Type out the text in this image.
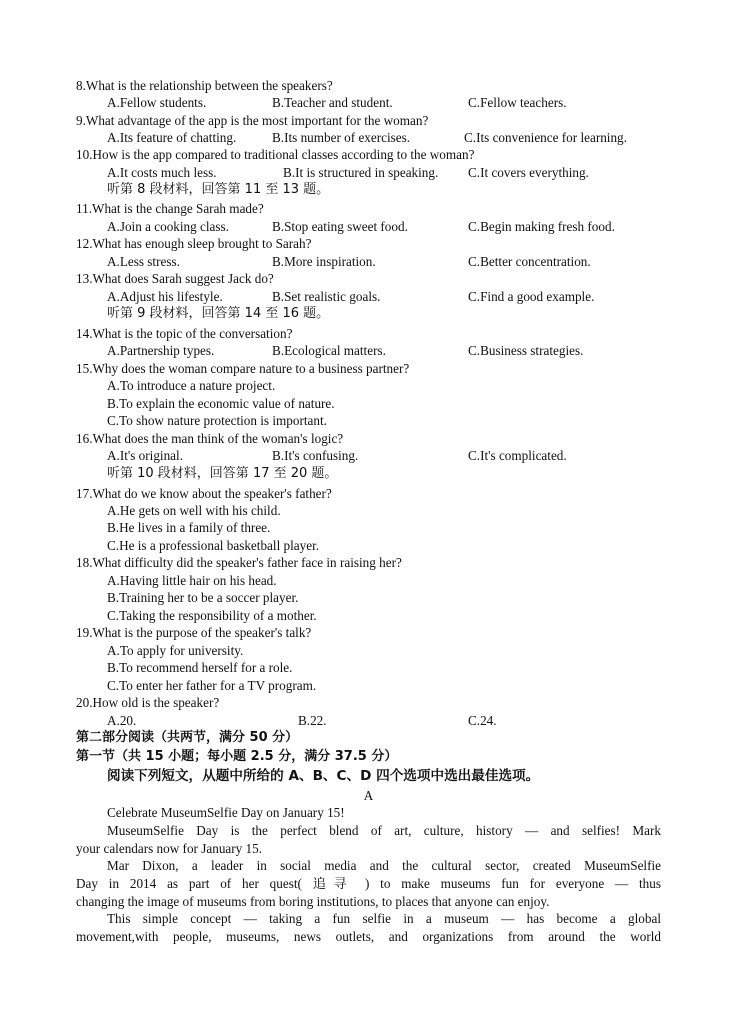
8.What is the relationship between the speakers?
A.Fellow students.	B.Teacher and student.	C.Fellow teachers.
9.What advantage of the app is the most important for the woman?
A.Its feature of chatting.	B.Its number of exercises.	C.Its convenience for learning.
10.How is the app compared to traditional classes according to the woman?
A.It costs much less.	B.It is structured in speaking. C.It covers everything.
听第 8 段材料，回答第 11 至 13 题。
11.What is the change Sarah made?
A.Join a cooking class.	B.Stop eating sweet food.	C.Begin making fresh food.
12.What has enough sleep brought to Sarah?
A.Less stress.	B.More inspiration.	C.Better concentration.
13.What does Sarah suggest Jack do?
A.Adjust his lifestyle.	B.Set realistic goals.	C.Find a good example.
听第 9 段材料，回答第 14 至 16 题。
14.What is the topic of the conversation?
A.Partnership types.	B.Ecological matters.	C.Business strategies.
15.Why does the woman compare nature to a business partner?
A.To introduce a nature project.
B.To explain the economic value of nature.
C.To show nature protection is important.
16.What does the man think of the woman's logic?
A.It's original.	B.It's confusing.	C.It's complicated.
听第 10 段材料，回答第 17 至 20 题。
17.What do we know about the speaker's father?
A.He gets on well with his child.
B.He lives in a family of three.
C.He is a professional basketball player.
18.What difficulty did the speaker's father face in raising her?
A.Having little hair on his head.
B.Training her to be a soccer player.
C.Taking the responsibility of a mother.
19.What is the purpose of the speaker's talk?
A.To apply for university.
B.To recommend herself for a role.
C.To enter her father for a TV program.
20.How old is the speaker?
A.20.	B.22.	C.24.
第二部分阅读（共两节，满分 50 分）
第一节（共 15 小题；每小题 2.5 分，满分 37.5 分）
阅读下列短文，从题中所给的 A、B、C、D 四个选项中选出最佳选项。
A
Celebrate MuseumSelfie Day on January 15!
MuseumSelfie Day is the perfect blend of art, culture, history — and selfies! Mark
your calendars now for January 15.
Mar Dixon, a leader in social media and the cultural sector, created MuseumSelfie
Day in 2014 as part of her quest( 追寻 ) to make museums fun for everyone — thus
changing the image of museums from boring institutions, to places that anyone can enjoy.
This simple concept — taking a fun selfie in a museum — has become a global
movement,with people, museums, news outlets, and organizations from around the world
